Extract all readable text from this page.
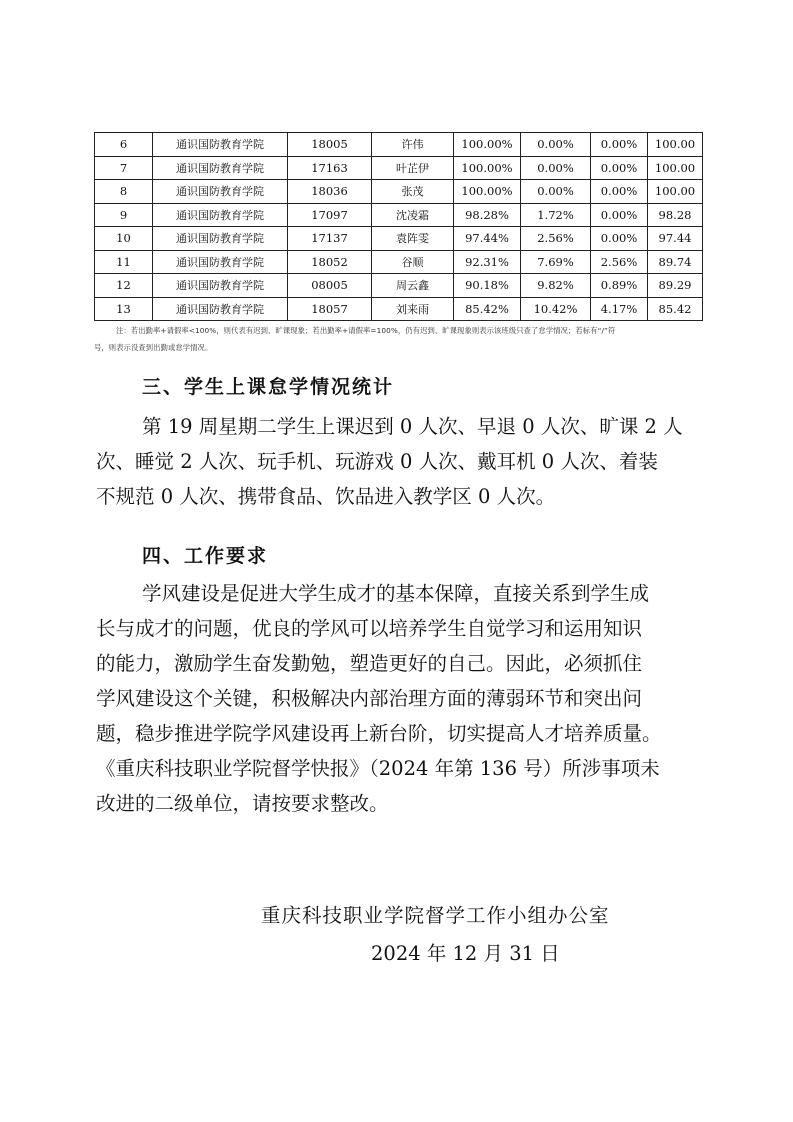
6	通识国防教育学院	18005	许伟	100.00%	0.00%	0.00%	100.00
7	通识国防教育学院	17163	叶芷伊	100.00%	0.00%	0.00%	100.00
8	通识国防教育学院	18036	张茂	100.00%	0.00%	0.00%	100.00
9	通识国防教育学院	17097	沈凌霜	98.28%	1.72%	0.00%	98.28
10	通识国防教育学院	17137	袁阵雯	97.44%	2.56%	0.00%	97.44
11	通识国防教育学院	18052	谷顺	92.31%	7.69%	2.56%	89.74
12	通识国防教育学院	08005	周云鑫	90.18%	9.82%	0.89%	89.29
13	通识国防教育学院	18057	刘来雨	85.42%	10.42%	4.17%	85.42
注：若出勤率+请假率<100%，则代表有迟到、旷课现象；若出勤率+请假率=100%，仍有迟到、旷课现象则表示该班级只查了怠学情况；若标有“/”符
号，则表示没查到出勤或怠学情况。
三、学生上课怠学情况统计
第 19 周星期二学生上课迟到 0 人次、早退 0 人次、旷课 2 人
次、睡觉 2 人次、玩手机、玩游戏 0 人次、戴耳机 0 人次、着装
不规范 0 人次、携带食品、饮品进入教学区 0 人次。
四、工作要求
学风建设是促进大学生成才的基本保障，直接关系到学生成
长与成才的问题，优良的学风可以培养学生自觉学习和运用知识
的能力，激励学生奋发勤勉，塑造更好的自己。因此，必须抓住
学风建设这个关键，积极解决内部治理方面的薄弱环节和突出问
题，稳步推进学院学风建设再上新台阶，切实提高人才培养质量。
《重庆科技职业学院督学快报》（2024 年第 136 号）所涉事项未
改进的二级单位，请按要求整改。
重庆科技职业学院督学工作小组办公室
2024 年 12 月 31 日
